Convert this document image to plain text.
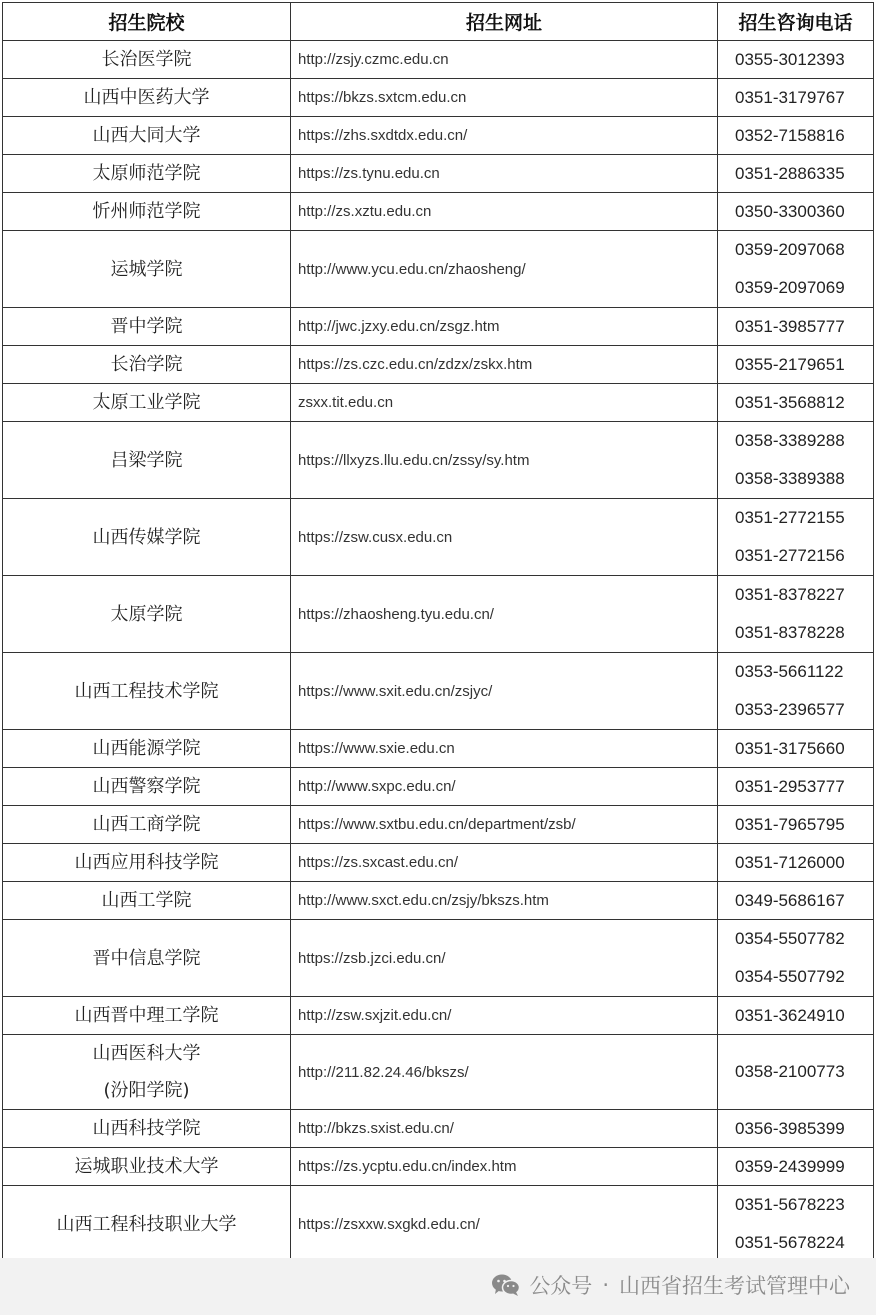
招生院校	招生网址	招生咨询电话

长治医学院	http://zsjy.czmc.edu.cn	0355-3012393

山西中医药大学	https://bkzs.sxtcm.edu.cn	0351-3179767

山西大同大学	https://zhs.sxdtdx.edu.cn/	0352-7158816

太原师范学院	https://zs.tynu.edu.cn	0351-2886335

忻州师范学院	http://zs.xztu.edu.cn	0350-3300360

运城学院	http://www.ycu.edu.cn/zhaosheng/	0359-2097068
0359-2097069

晋中学院	http://jwc.jzxy.edu.cn/zsgz.htm	0351-3985777

长治学院	https://zs.czc.edu.cn/zdzx/zskx.htm	0355-2179651

太原工业学院	zsxx.tit.edu.cn	0351-3568812

吕梁学院	https://llxyzs.llu.edu.cn/zssy/sy.htm	0358-3389288
0358-3389388

山西传媒学院	https://zsw.cusx.edu.cn	0351-2772155
0351-2772156

太原学院	https://zhaosheng.tyu.edu.cn/	0351-8378227
0351-8378228

山西工程技术学院	https://www.sxit.edu.cn/zsjyc/	0353-5661122
0353-2396577

山西能源学院	https://www.sxie.edu.cn	0351-3175660

山西警察学院	http://www.sxpc.edu.cn/	0351-2953777

山西工商学院	https://www.sxtbu.edu.cn/department/zsb/	0351-7965795

山西应用科技学院	https://zs.sxcast.edu.cn/	0351-7126000

山西工学院	http://www.sxct.edu.cn/zsjy/bkszs.htm	0349-5686167

晋中信息学院	https://zsb.jzci.edu.cn/	0354-5507782
0354-5507792

山西晋中理工学院	http://zsw.sxjzit.edu.cn/	0351-3624910

山西医科大学
(汾阳学院)	http://211.82.24.46/bkszs/	0358-2100773

山西科技学院	http://bkzs.sxist.edu.cn/	0356-3985399

运城职业技术大学	https://zs.ycptu.edu.cn/index.htm	0359-2439999

山西工程科技职业大学	https://zsxxw.sxgkd.edu.cn/	0351-5678223
0351-5678224
公众号 · 山西省招生考试管理中心
